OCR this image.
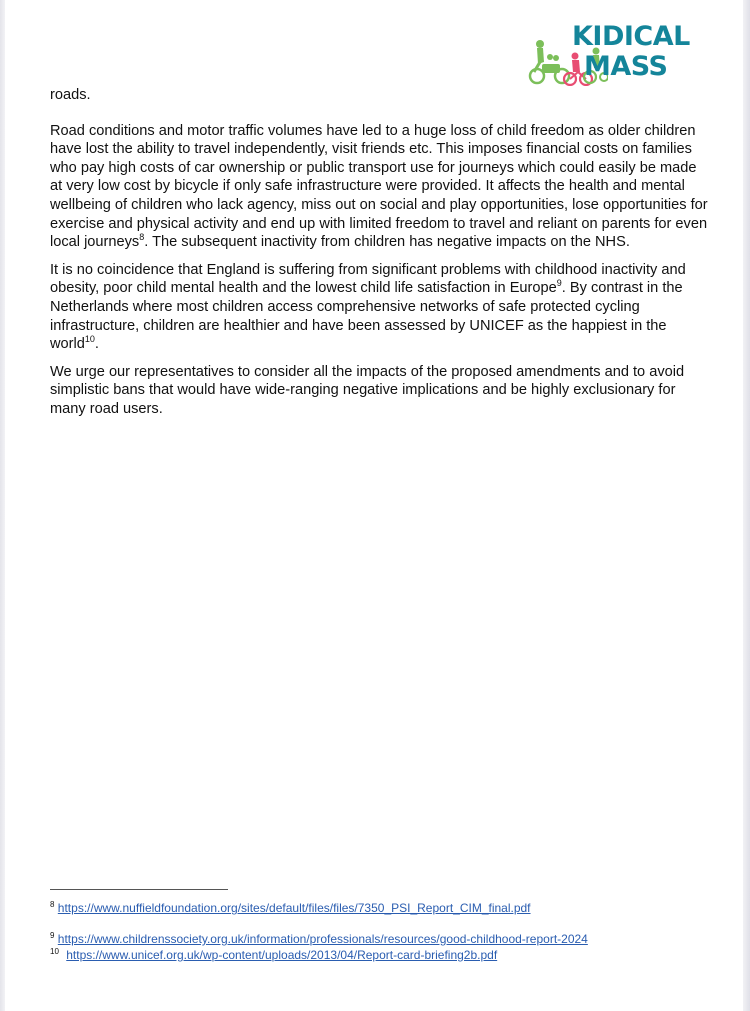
KIDICAL
MASS

roads.

Road conditions and motor traffic volumes have led to a huge loss of child freedom as older children have lost the ability to travel independently, visit friends etc. This imposes financial costs on families who pay high costs of car ownership or public transport use for journeys which could easily be made at very low cost by bicycle if only safe infrastructure were provided. It affects the health and mental wellbeing of children who lack agency, miss out on social and play opportunities, lose opportunities for exercise and physical activity and end up with limited freedom to travel and reliant on parents for even local journeys$^8$. The subsequent inactivity from children has negative impacts on the NHS.

It is no coincidence that England is suffering from significant problems with childhood inactivity and obesity, poor child mental health and the lowest child life satisfaction in Europe$^9$. By contrast in the Netherlands where most children access comprehensive networks of safe protected cycling infrastructure, children are healthier and have been assessed by UNICEF as the happiest in the world$^{10}$.

We urge our representatives to consider all the impacts of the proposed amendments and to avoid simplistic bans that would have wide-ranging negative implications and be highly exclusionary for many road users.

$^8$ https://www.nuffieldfoundation.org/sites/default/files/files/7350_PSI_Report_CIM_final.pdf
$^9$ https://www.childrenssociety.org.uk/information/professionals/resources/good-childhood-report-2024
$^{10}$ https://www.unicef.org.uk/wp-content/uploads/2013/04/Report-card-briefing2b.pdf
